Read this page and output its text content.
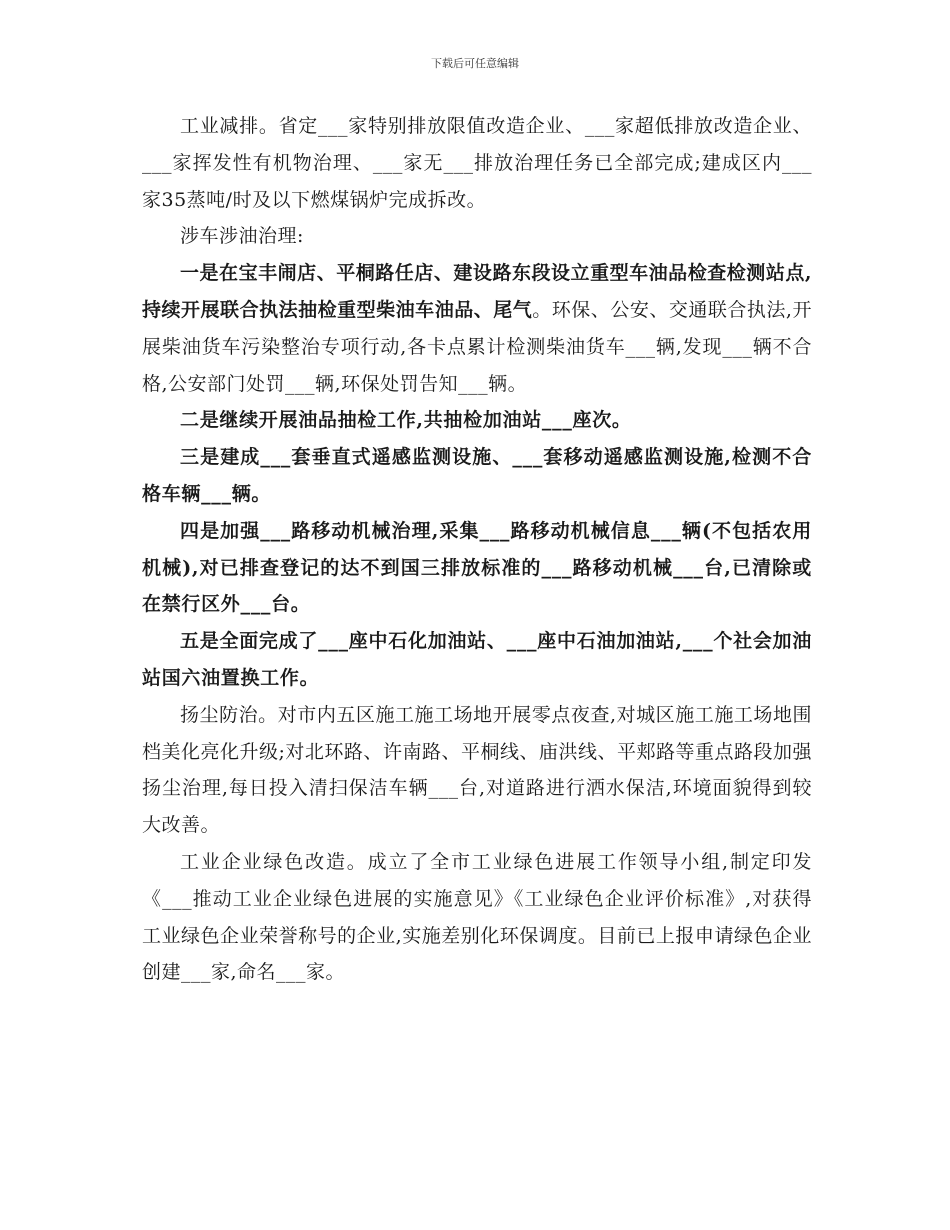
下载后可任意编辑

工业减排。省定___家特别排放限值改造企业、___家超低排放改造企业、___家挥发性有机物治理、___家无___排放治理任务已全部完成;建成区内___家35蒸吨/时及以下燃煤锅炉完成拆改。

涉车涉油治理:

一是在宝丰闹店、平桐路任店、建设路东段设立重型车油品检查检测站点,持续开展联合执法抽检重型柴油车油品、尾气。环保、公安、交通联合执法,开展柴油货车污染整治专项行动,各卡点累计检测柴油货车___辆,发现___辆不合格,公安部门处罚___辆,环保处罚告知___辆。

二是继续开展油品抽检工作,共抽检加油站___座次。

三是建成___套垂直式遥感监测设施、___套移动遥感监测设施,检测不合格车辆___辆。

四是加强___路移动机械治理,采集___路移动机械信息___辆(不包括农用机械),对已排查登记的达不到国三排放标准的___路移动机械___台,已清除或在禁行区外___台。

五是全面完成了___座中石化加油站、___座中石油加油站,___个社会加油站国六油置换工作。

扬尘防治。对市内五区施工施工场地开展零点夜查,对城区施工施工场地围档美化亮化升级;对北环路、许南路、平桐线、庙洪线、平郏路等重点路段加强扬尘治理,每日投入清扫保洁车辆___台,对道路进行洒水保洁,环境面貌得到较大改善。

工业企业绿色改造。成立了全市工业绿色进展工作领导小组,制定印发《___推动工业企业绿色进展的实施意见》《工业绿色企业评价标准》,对获得工业绿色企业荣誉称号的企业,实施差别化环保调度。目前已上报申请绿色企业创建___家,命名___家。
